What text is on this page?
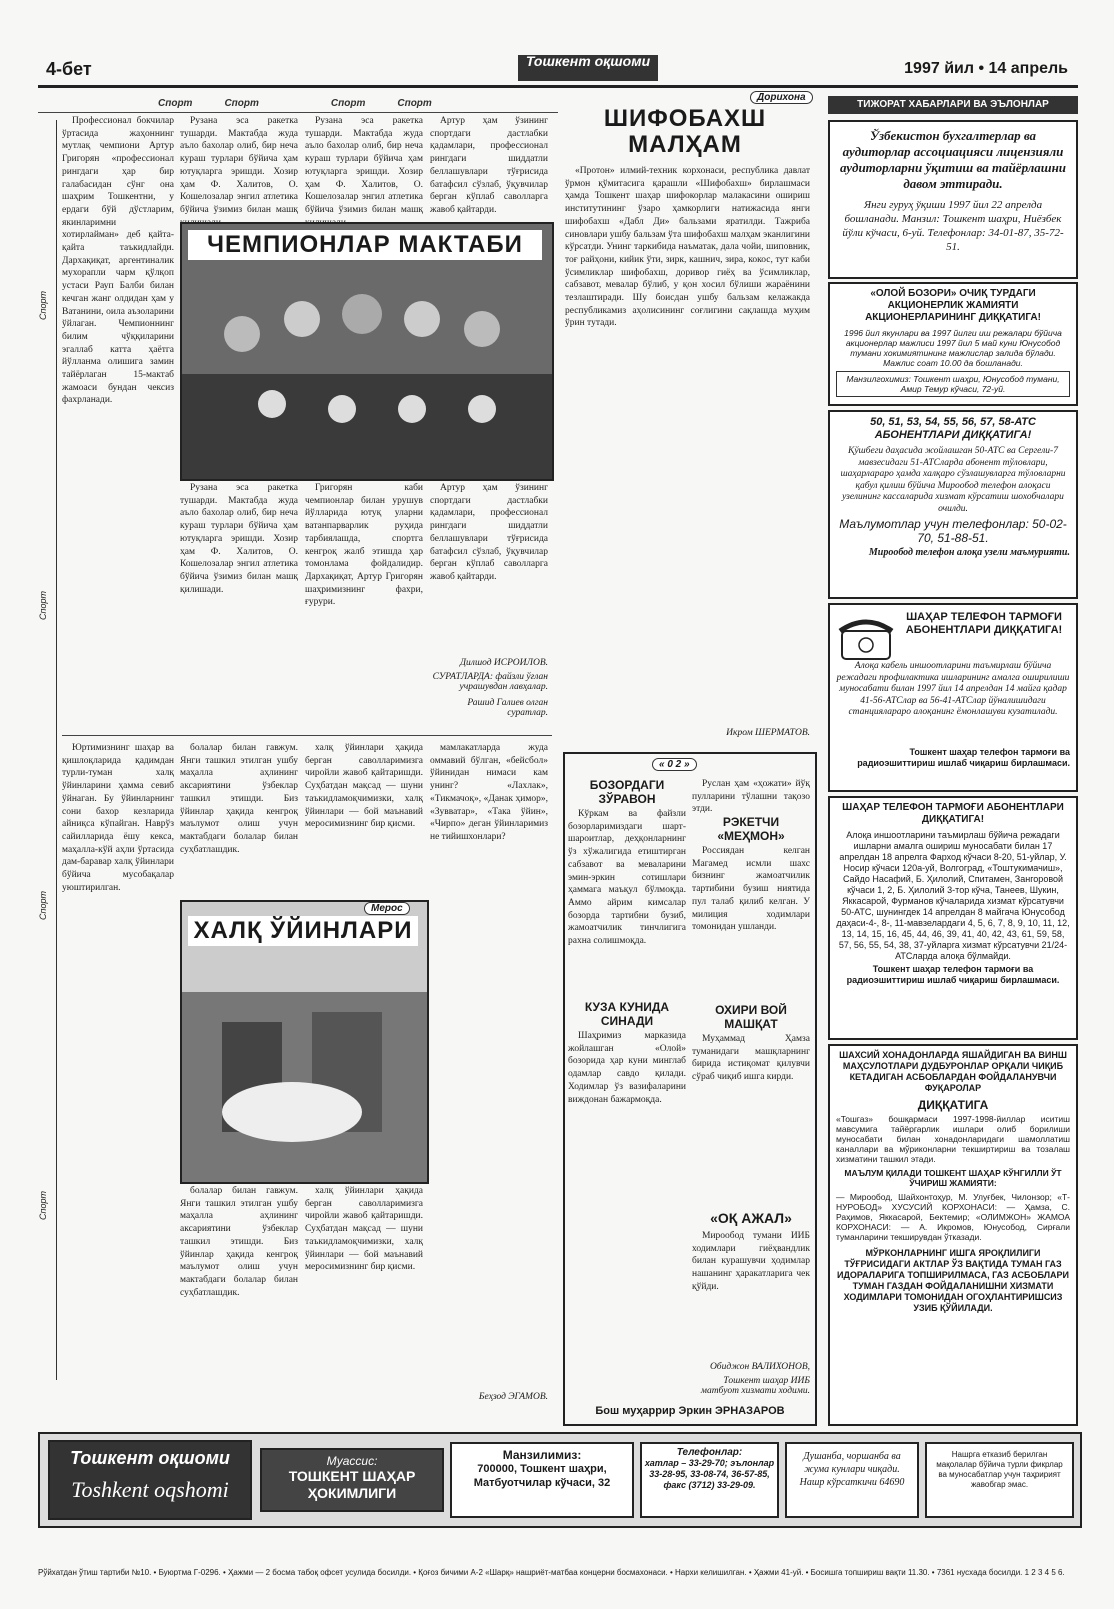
4-бет	Тошкент оқшоми	1997 йил • 14 апрель
Спорт	Спорт	Спорт	Спорт
Спорт
Спорт
Спорт
Спорт

Профессионал бокчилар ўртасида жаҳоннинг мутлақ чемпиони Артур Григорян «профессионал рингдаги ҳар бир галабасидан сўнг она шаҳрим Тошкентни, у ердаги бўй дўстларим, якинларимни хотирлайман» деб қайта-қайта таъкидлайди. Дархақиқат, аргентиналик мухорапли чарм қўлқоп устаси Рауп Балби билан кечган жанг олдидан ҳам у Ватанини, оила аъзоларини ўйлаган. Чемпионнинг билим чўққиларини эгаллаб катта ҳаётга йўлланма олишига замин тайёрлаган 15-мактаб жамоаси бундан чексиз фахрланади.

Рузана эса ракетка тушарди. Мактабда жуда аъло бахолар олиб, бир неча кураш турлари бўйича ҳам ютуқларга эришди. Хозир ҳам Ф. Халитов, О. Кошелозалар энгил атлетика бўйича ўзимиз билан машқ

Рузана эса ракетка тушарди. Мактабда жуда аъло бахолар олиб, бир неча кураш турлари бўйича ҳам ютуқларга эришди. Хозир ҳам Ф. Халитов, О. Кошелозалар энгил атлетика бўйича ўзимиз билан машқ

Артур ҳам ўзининг спортдаги дастлабки қадамлари, профессионал рингдаги шиддатли беллашувлари тўғрисида батафсил сўзлаб, ўқувчилар берган кўплаб саволларга жавоб қайтарди.

ЧЕМПИОНЛАР МАКТАБИ

Рузана эса ракетка тушарди. Мактабда жуда аъло бахолар олиб, бир неча кураш турлари бўйича ҳам ютуқларга эришди. Хозир ҳам Ф. Халитов, О. Кошелозалар энгил атлетика бўйича ўзимиз билан машқ қилишади.

Григорян каби чемпионлар билан урушув йўлларида ютуқ уларни ватанпарварлик руҳида тарбиялашда, спортга кенгроқ жалб этишда ҳар томонлама фойдалидир. Дархақиқат, Артур Григорян шаҳримизнинг фахри, ғурури.

Артур ҳам ўзининг спортдаги дастлабки қадамлари, профессионал рингдаги шиддатли беллашувлари тўғрисида батафсил сўзлаб, ўқувчилар берган кўплаб саволларга жавоб қайтарди.

Дилшод ИСРОИЛОВ.
СУРАТЛАРДА: файзли ўғлан учрашувдан лавҳалар.
Рашид Галиев олган суратлар.

Юртимизнинг шаҳар ва қишлоқларида қадимдан турли-туман халқ ўйинларини ҳамма севиб ўйнаган. Бу ўйинларнинг сони бахор кезларида айниқса кўпайган. Наврўз сайилларида ёшу кекса, маҳалла-кўй аҳли ўртасида дам-баравар халқ ўйинлари бўйича мусобақалар уюштирилган.

болалар билан гавжум. Янги ташкил этилган ушбу маҳалла аҳлининг аксариятини ўзбеклар ташкил этишди. Биз ўйинлар ҳақида кенгроқ маълумот олиш учун мактабдаги болалар билан суҳбатлашдик.

халқ ўйинлари ҳақида берган саволларимизга чиройли жавоб қайтаришди. Суҳбатдан мақсад — шуни таъкидламоқчимизки, халқ ўйинлари — бой маънавий меросимизнинг бир қисми.

мамлакатларда жуда оммавий бўлган, «бейсбол» ўйинидан нимаси кам унинг? «Лахлак», «Тикмачоқ», «Данак ҳимор», «Зувватар», «Така ўйин», «Чирпо» деган ўйинларимиз не тийишхонлари?

ХАЛҚ ЎЙИНЛАРИ
Мерос

болалар билан гавжум. Янги ташкил этилган ушбу маҳалла аҳлининг аксариятини ўзбеклар ташкил этишди. Биз ўйинлар ҳақида кенгроқ маълумот олиш учун мактабдаги болалар билан суҳбатлашдик.

халқ ўйинлари ҳақида берган саволларимизга чиройли жавоб қайтаришди. Суҳбатдан мақсад — шуни таъкидламоқчимизки, халқ ўйинлари — бой маънавий меросимизнинг бир қисми.

Беҳзод ЭГАМОВ.
Дорихона
ШИФОБАХШ МАЛҲАМ

«Протон» илмий-техник корхонаси, республика давлат ўрмон қўмитасига қарашли «Шифобахш» бирлашмаси ҳамда Тошкент шаҳар шифокорлар малакасини ошириш институтининг ўзаро ҳамкорлиги натижасида янги шифобахш «Дабл Ди» бальзами яратилди. Тажриба синовлари ушбу бальзам ўта шифобахш малҳам эканлигини кўрсатди. Унинг таркибида наъматак, дала чойи, шиповник, тоғ райҳони, кийик ўти, зирк, кашнич, зира, кокос, тут каби ўсимликлар шифобахш, доривор гиёҳ ва ўсимликлар, сабзавот, мевалар бўлиб, у қон хосил бўлиши жараёнини тезлаштиради. Шу боисдан ушбу бальзам келажакда республикамиз аҳолисининг соғлигини сақлашда муҳим ўрин тутади.

Икром ШЕРМАТОВ.
« 0 2 »
БОЗОРДАГИ ЗЎРАВОН

Кўркам ва файзли бозорларимиздаги шарт-шароитлар, деҳқонларнинг ўз хўжалигида етиштирган сабзавот ва меваларини эмин-эркин сотишлари ҳаммага маъқул бўлмоқда. Аммо айрим кимсалар бозорда тартибни бузиб, жамоатчилик тинчлигига рахна солишмоқда.

Руслан ҳам «ҳожати» йўқ пулларини тўлашни тақозо этди.

РЭКЕТЧИ «МЕҲМОН»

Россиядан келган Магамед исмли шахс бизнинг жамоатчилик тартибини бузиш ниятида пул талаб қилиб келган. У милиция ходимлари томонидан ушланди.

КУЗА КУНИДА СИНАДИ

Шаҳримиз марказида жойлашган «Олой» бозорида ҳар куни минглаб одамлар савдо қилади. Ходимлар ўз вазифаларини виждонан бажармоқда.

ОХИРИ ВОЙ МАШҚАТ

Муҳаммад Ҳамза туманидаги машқларнинг бирида истиқомат қилувчи сўраб чиқиб ишга кирди.

«ОҚ АЖАЛ»

Мирообод тумани ИИБ ходимлари гиёҳвандлик билан курашувчи ҳодимлар нашанинг ҳаракатларига чек қўйди.

Обиджон ВАЛИХОНОВ,
Тошкент шаҳар ИИБ матбуот хизмати ходими.
Бош муҳаррир Эркин ЭРНАЗАРОВ
ТИЖОРАТ ХАБАРЛАРИ ВА ЭЪЛОНЛАР
Ўзбекистон бухгалтерлар ва аудиторлар ассоциацияси лицензияли аудиторларни ўқитиш ва тайёрлашни давом эттиради.
Янги гуруҳ ўқиши 1997 йил 22 апрелда бошланади. Манзил: Тошкент шаҳри, Ниёзбек йўли кўчаси, 6-уй. Телефонлар: 34-01-87, 35-72-51.
«ОЛОЙ БОЗОРИ» ОЧИҚ ТУРДАГИ АКЦИОНЕРЛИК ЖАМИЯТИ АКЦИОНЕРЛАРИНИНГ ДИҚҚАТИГА!
1996 йил якунлари ва 1997 йилги иш режалари бўйича акционерлар мажлиси 1997 йил 5 май куни Юнусобод тумани хокимиятининг мажлислар залида бўлади. Мажлис соат 10.00 да бошланади.
Манзилгохимиз: Тошкент шаҳри, Юнусобод тумани, Амир Темур кўчаси, 72-уй.
50, 51, 53, 54, 55, 56, 57, 58-АТС АБОНЕНТЛАРИ ДИҚҚАТИГА!
Қўшбеги даҳасида жойлашган 50-АТС ва Сергели-7 мавзесидаги 51-АТСларда абонент тўловлари, шаҳарлараро ҳамда халқаро сўзлашувларга тўловларни қабул қилиш бўйича Мирообод телефон алоқаси узелининг кассаларида хизмат кўрсатиш шохобчалари очилди.
Маълумотлар учун телефонлар: 50-02-70, 51-88-51.
Мирообод телефон алоқа узели маъмурияти.
ШАҲАР ТЕЛЕФОН ТАРМОҒИ АБОНЕНТЛАРИ ДИҚҚАТИГА!
Алоқа кабель иншоотларини таъмирлаш бўйича режадаги профилактика ишларининг амалга оширилиши муносабати билан 1997 йил 14 апрелдан 14 майга қадар 41-56-АТСлар ва 56-41-АТСлар йўналишидаги станциялараро алоқанинг ёмонлашуви кузатилади.
Тошкент шаҳар телефон тармоғи ва радиоэшиттириш ишлаб чиқариш бирлашмаси.
ШАҲАР ТЕЛЕФОН ТАРМОҒИ АБОНЕНТЛАРИ ДИҚҚАТИГА!
Алоқа иншоотларини таъмирлаш бўйича режадаги ишларни амалга ошириш муносабати билан 17 апрелдан 18 апрелга Фарход кўчаси 8-20, 51-уйлар, У. Носир кўчаси 120а-уй, Волгоград, «Тоштукимачиш», Сайдо Насафий, Б. Ҳилолий, Спитамен, Зангоровой кўчаси 1, 2, Б. Ҳилолий 3-тор кўча, Танеев, Шукин, Яккасарой, Фурманов кўчаларида хизмат кўрсатувчи 50-АТС, шунингдек 14 апрелдан 8 майгача Юнусобод даҳаси-4-, 8-, 11-мавзелардаги 4, 5, 6, 7, 8, 9, 10, 11, 12, 13, 14, 15, 16, 45, 44, 46, 39, 41, 40, 42, 43, 61, 59, 58, 57, 56, 55, 54, 38, 37-уйларга хизмат кўрсатувчи 21/24-АТСларда алоқа бўлмайди.
Тошкент шаҳар телефон тармоғи ва радиоэшиттириш ишлаб чиқариш бирлашмаси.
ШАХСИЙ ХОНАДОНЛАРДА ЯШАЙДИГАН ВА ВИНШ МАҲСУЛОТЛАРИ ДУДБУРОНЛАР ОРҚАЛИ ЧИҚИБ КЕТАДИГАН АСБОБЛАРДАН ФОЙДАЛАНУВЧИ ФУҚАРОЛАР
ДИҚҚАТИГА
«Тошгаз» бошқармаси 1997-1998-йиллар иситиш мавсумига тайёргарлик ишлари олиб борилиши муносабати билан хонадонларидаги шамоллатиш каналлари ва мўриконларни текширтириш ва тозалаш хизматини ташкил этади.
МАЪЛУМ ҚИЛАДИ ТОШКЕНТ ШАҲАР КЎНГИЛЛИ ЎТ ЎЧИРИШ ЖАМИЯТИ:
— Мирообод, Шайхонтоҳур, М. Улуғбек, Чилонзор; «Т-НУРОБОД» ХУСУСИЙ КОРХОНАСИ: — Ҳамза, С. Раҳимов, Яккасарой, Бектемир; «ОЛИМЖОН» ЖАМОА КОРХОНАСИ: — А. Икромов, Юнусобод, Сирғали туманларини текширувдан ўтказади.
МЎРКОНЛАРНИНГ ИШГА ЯРОҚЛИЛИГИ ТЎҒРИСИДАГИ АКТЛАР ЎЗ ВАҚТИДА ТУМАН ГАЗ ИДОРАЛАРИГА ТОПШИРИЛМАСА, ГАЗ АСБОБЛАРИ ТУМАН ГАЗДАН ФОЙДАЛАНИШНИ ХИЗМАТИ ХОДИМЛАРИ ТОМОНИДАН ОГОҲЛАНТИРИШСИЗ УЗИБ ҚЎЙИЛАДИ.
Тошкент оқшоми
Toshkent oqshomi
Муассис:
ТОШКЕНТ ШАҲАР ҲОКИМЛИГИ
Манзилимиз:
700000, Тошкент шаҳри, Матбуотчилар кўчаси, 32
Телефонлар:
хатлар – 33-29-70; эълонлар 33-28-95, 33-08-74, 36-57-85, факс (3712) 33-29-09.
Душанба, чоршанба ва жума кунлари чиқади. Нашр кўрсаткичи 64690
Нашрга етказиб берилган мақолалар бўйича турли фикрлар ва муносабатлар учун таҳририят жавобгар эмас.
Рўйхатдан ўтиш тартиби №10. • Буюртма Г-0296. • Ҳажми — 2 босма табоқ офсет усулида босилди. • Қоғоз бичими А-2 «Шарқ» нашриёт-матбаа концерни босмахонаси. • Нархи келишилган. • Ҳажми 41-уй. • Босишга топшириш вақти 11.30. • 7361 нусхада босилди. 1 2 3 4 5 6.
